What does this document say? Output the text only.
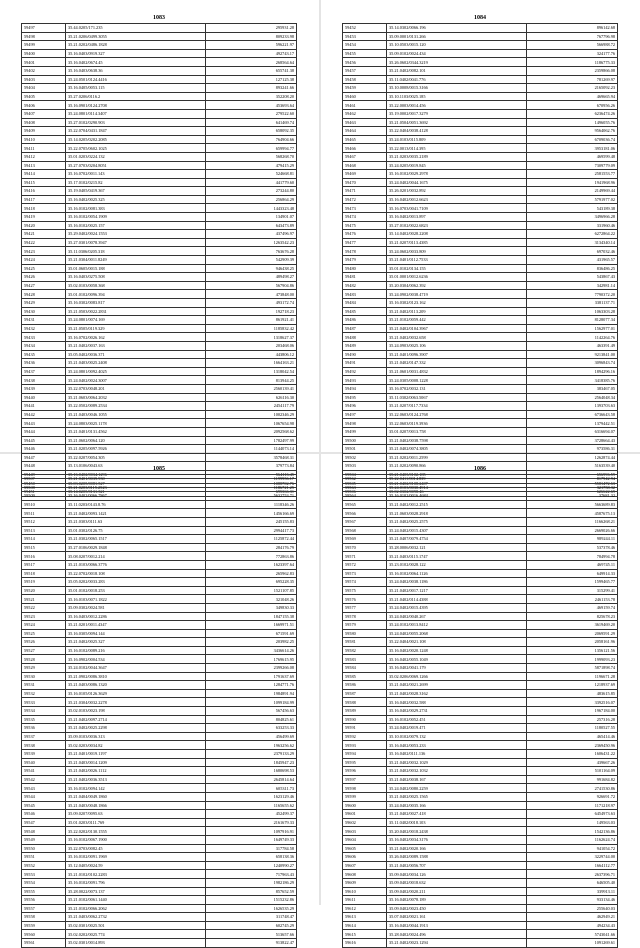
1083
59497	35.44.0205/171.235	295931.28
59498	35.21.0206/0499.3055	809233.98
59499	35.21.0202/0486.1828	596221.97
59400	35.16.0403/0919.327	492743.17
59401	35.16.0402/0674.45	268564.64
59402	35.16.0403/0638.36	655741.38
59403	35.24.0501/0124.4416	127125.38
59404	35.16.0405/0053.115	893241.66
59405	35.27.0206/0116.2	352208.20
59406	35.16.0901/0124.2708	453693.64
59407	35.24.0801/0114.3407	279522.60
59408	35.27.0102/0290.903	641469.74
59409	35.22.0704/0431.1847	658092.35
59410	35.14.0205/0202.2085	764904.66
59411	35.22.0705/0602.1025	659994.77
59412	35.01.0203/0224.132	568268.70
59413	35.27.0703/0204.8051	479415.29
59414	35.16.0702/0011.143	524668.81
59415	35.17.0102/0215.82	441779.60
59416	35.19.0405/0419.367	273244.80
59417	35.16.0402/0025.325	256864.29
59418	35.16.0102/0081.383	1443323.48
59419	35.16.0102/0054.1909	134901.07
59420	35.16.0102/0025.157	643473.89
59421	35.29.0402/0024.1553	437496.97
59422	35.27.0301/0078.3947	1263542.23
59423	35.11.0306/0205.318	763676.28
59424	35.21.0304/0011.8249	542909.39
59425	35.01.0605/0015.188	946438.25
59426	35.16.0403/0275.508	489498.27
59427	35.02.0103/0058.368	567904.86
59428	35.01.0102/0096.394	473848.00
59429	35.16.0302/0083.817	493172.74
59430	35.21.0503/0022.2831	192718.23
59431	35.24.0801/0074.169	861921.41
59432	35.21.0505/0119.329	1185832.42
59433	35.16.0702/0026.162	1318627.37
59434	35.21.0402/0037.163	203468.06
59435	35.05.0402/0036.371	443806.12
59436	35.21.0403/0025.2408	1664163.21
59437	35.24.0801/0092.4025	1318042.54
59438	35.24.0402/0024.3007	813944.25
59439	35.22.0703/0048.201	2560139.41
59440	35.21.0603/0064.2032	626116.30
59441	35.22.0502/0089.2534	2454117.79
59442	35.21.0403/0046.1055	1002346.29
59443	35.24.0803/0025.1178	1067654.98
59444	35.21.0401/0131.4562	2092568.62
59445	35.21.0602/0064.120	1782497.99
59446	35.21.0205/0097.5926	1144073.14
59447	35.22.0207/0054.305	3578468.31
59448	35.13.0106/0043.63	379773.84
59449	35.16.0402/0034.1296	564116.45
59450	35.03.0205/0081.527	1088702.76
59451	35.14.0205/0131.321	695366.31
1084
59452	35.14.0302/0066.196	896142.68
59453	35.09.0001/0131.266	767796.98
59454	35.10.0503/0015.120	566988.72
59455	35.09.0102/0024.434	324177.76
59456	35.26.0602/0344.3219	1186775.33
59457	35.21.0402/0082.101	2359866.08
59458	35.11.0402/0041.776	781269.97
59459	35.10.0008/0015.3166	2165092.23
59460	35.10.1103/0025.185	469665.94
59461	35.22.0003/0014.456	670956.26
59462	35.19.0002/0017.3279	6236474.26
59463	35.21.0504/0051.3692	1496055.76
59464	35.22.0404/0038.4128	9564062.76
59465	35.24.0103/0115.809	6709036.74
59466	35.22.0013/0114.395	3953181.06
59467	35.21.0203/0035.2189	469599.48
59468	35.24.0205/0019.845	7309779.09
59469	35.16.0102/0029.2978	2581553.77
59470	35.24.0402/0044.1675	1941968.96
59471	35.26.0201/0032.892	2149969.44
59472	35.16.0402/0012.6623	5791977.02
59473	35.16.0703/0041.7109	543189.38
59474	35.16.0402/0013.897	3496966.28
59475	35.27.0102/0022.6823	331960.46
59476	35.14.0402/0028.2208	6272864.22
59477	35.21.0207/0113.4385	3134340.14
59478	35.24.0602/0033.809	697032.46
59479	35.21.0401/0112.7533	431965.57
59480	35.01.0102/0134.155	836486.25
59481	35.01.0001/0012.6236	543867.43
59482	35.20.0304/0062.392	342981.14
59483	35.24.0902/0038.4719	7790372.20
59484	35.16.0302/0123.162	3381137.71
59485	35.21.0402/0113.209	1063303.28
59486	35.21.0102/0059.442	8128077.34
59487	35.21.0402/0104.3967	1562977.01
59488	35.21.0402/0032.658	1142264.76
59489	35.24.0903/0025.106	463391.49
59490	35.21.0401/0096.3907	9213841.00
59491	35.21.0402/0147.332	3096843.74
59492	35.21.0601/0031.4832	1894296.16
59493	35.24.0305/0008.1228	3418385.76
59494	35.16.0702/0032.131	383467.05
59495	35.11.0302/0063.5067	2564048.34
59496	35.21.0207/0117.7334	1393703.63
59497	35.22.0603/0124.2768	6736643.58
59498	35.22.0603/0119.3936	1379442.51
59499	35.01.0207/0013.758	6316694.07
59500	35.21.0402/0038.7598	3728664.43
59501	35.21.0402/0074.3805	973586.31
59502	35.21.0202/0011.2599	1262874.44
59503	35.21.0202/0090.866	5163539.40
59504	35.21.0403/0102.185	656996.59
59505	35.21.0402/0108.2407	5581472.63
59506	35.02.0302/0098.46	626622.69
1085
59507	35.21.0401/0039.930	1199956.17
59508	35.21.0203/0115.2523	1186721.25
59509	35.16.0402/0066.7867	5632753.71
59510	35.11.0203/0143.8.76	1118346.26
59511	35.21.0402/0093.1421	1456166.69
59512	35.21.0303/0111.63	245155.83
59513	35.01.0302/0126.75	2994417.73
59514	35.21.0302/0065.1517	1125872.44
59515	35.27.0106/0029.1848	284176.79
59516	35.08.0207/0012.214	772863.86
59517	35.21.0103/0066.3776	1623397.64
59518	35.22.0702/0018.108	265962.83
59519	35.05.0202/0033.283	695228.35
59520	35.01.0102/0018.253	1521107.85
59521	35.16.0103/0071.1822	321048.26
59522	35.09.0302/0024.581	349830.33
59523	35.16.0403/0012.2286	1847155.38
59524	35.21.0201/0011.4347	1669971.51
59525	35.16.0305/0094.144	671591.69
59526	35.21.0402/0025.327	203982.25
59527	35.16.0102/0089.216	3436614.26
59528	35.16.0902/0004.534	1769615.95
59529	35.24.0102/0044.3647	2399266.08
59530	35.21.0902/0086.3810	1791637.69
59531	35.21.0403/0086.1320	1284771.76
59532	35.16.0105/0126.3629	1984891.94
59533	35.21.0304/0032.2278	1099184.99
59534	35.02.0103/0023.198	567456.63
59535	35.21.0402/0097.2714	804825.61
59536	35.21.0402/0025.2298	633253.33
59537	35.09.0103/0036.313	456499.69
59538	35.02.0203/0034.82	1963256.62
59539	35.21.0401/0019.1197	2379133.29
59540	35.21.0403/0014.1209	1845947.23
59541	35.21.0402/0026.1112	1680698.53
59542	35.21.0402/0036.3513	2645814.64
59543	35.16.0102/0094.142	605311.73
59544	35.21.0404/0049.1860	1623129.46
59545	35.21.0403/0048.1866	1165655.62
59546	35.09.0207/0095.63	452499.37
59547	35.01.0203/0111.769	2161679.33
59548	35.22.0202/0130.1555	1097916.91
59549	35.16.0102/0067.1900	1649749.33
59550	35.22.0703/0082.45	317784.58
59551	35.16.0102/0091.1969	658138.36
59552	35.12.0405/0024.59	1240990.27
59553	35.21.0102/0102.2283	717963.43
59554	35.16.0102/0091.796	1982186.29
59555	35.28.0022/0073.137	857652.59
59556	35.21.0102/0061.1440	1515232.86
59557	35.21.0102/0066.2062	1626535.29
59558	35.21.0403/0062.2732	311748.47
59559	35.02.0301/0025.501	602745.29
59560	35.02.0202/0025.774	513657.66
59561	35.02.0301/0014.893	913822.47
1086
59562	35.22.0411/0014.839	817942.94
59563	35.24.0103/0030.4914	321758.32
59564	35.16.0102/0016.4684	37681.32
59565	35.21.0402/0012.2515	5663689.83
59566	35.21.0603/0028.2918	4587675.13
59567	35.21.0402/0025.2575	1166268.21
59568	35.24.0402/0015.4307	2669026.66
59569	35.21.0407/0079.4754	989244.11
59570	35.28.0006/0032.121	537378.46
59571	35.21.0403/0115.1747	784994.78
59572	35.23.0102/0028.122	469745.11
59573	35.16.0102/0064.1126	649914.33
59574	35.24.0402/0038.1186	1599465.77
59575	35.21.0402/0017.1217	315299.41
59576	35.21.0402/0114.4388	2461153.78
59577	35.24.0402/0015.4395	469159.74
59578	35.24.0402/0040.267	825678.23
59579	35.24.0102/0013.8412	3619469.20
59580	35.24.0402/0055.2068	2069591.29
59581	35.22.0404/0021.108	2058161.96
59582	35.16.0402/0020.1248	1356121.56
59583	35.16.0402/0055.1049	1999093.23
59584	35.16.0402/0041.179	5871898.74
59585	35.02.0206/0069.1266	1196671.28
59586	35.21.0402/0021.2699	1218937.69
59587	35.21.0402/0028.3162	483615.85
59588	35.16.0402/0032.588	3392516.07
59589	35.16.0402/0029.2731	1967184.00
59590	35.16.0102/0052.451	257316.28
59591	35.24.0402/0019.471	1180527.55
59592	35.10.0102/0079.132	465414.46
59593	35.16.0402/0053.233	2369450.96
59594	35.16.0402/0111.136	1606431.22
59595	35.21.0402/0032.1029	439667.26
59596	35.21.0402/0032.1032	5101164.09
59597	35.21.0402/0038.167	991684.82
59598	35.24.0402/0080.2259	2741530.86
59599	35.21.0402/0025.1565	926691.72
59600	35.24.0402/0035.166	1171218.97
59601	35.21.0402/0027.418	6454973.63
59602	35.11.0402/0018.103	149563.03
59603	35.20.0402/0018.2438	1542136.86
59604	35.16.0402/0034.3176	1162624.74
59605	35.21.0402/0020.166	941054.72
59606	35.26.0402/0089.1588	3229744.00
59607	35.21.0402/0056.707	1664112.77
59608	35.09.0402/0034.126	2637396.71
59609	35.09.0402/0018.632	646505.40
59610	35.09.0402/0020.211	339913.11
59611	35.16.0402/0078.189	933134.46
59612	35.09.0402/0023.450	255640.03
59613	35.07.0402/0021.161	462949.21
59614	35.16.0402/0044.1913	494234.43
59615	35.28.0402/0024.496	5743041.66
59616	35.21.0402/0023.1294	1091269.61
